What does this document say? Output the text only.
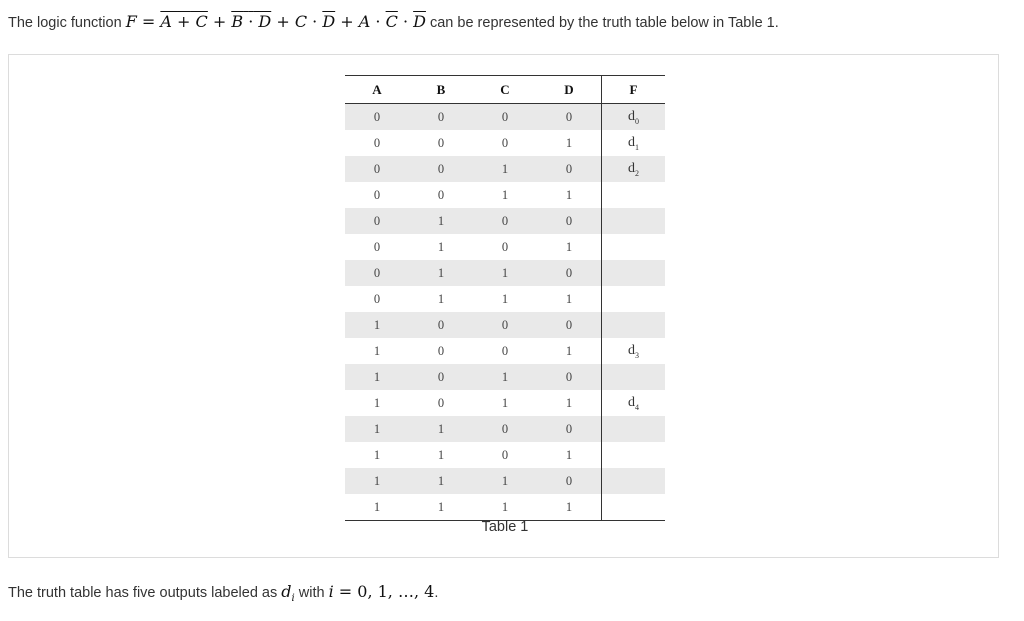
The logic function $F = A + C + B \cdot D + C \cdot \overline{D} + A \cdot \overline{C} \cdot \overline{D}$ can be represented by the truth table below in Table 1.
A	B	C	D	F
0	0	0	0	$d_0$
0	0	0	1	$d_1$
0	0	1	0	$d_2$
0	0	1	1	
0	1	0	0	
0	1	0	1	
0	1	1	0	
0	1	1	1	
1	0	0	0	
1	0	0	1	$d_3$
1	0	1	0	
1	0	1	1	$d_4$
1	1	0	0	
1	1	0	1	
1	1	1	0	
1	1	1	1	
Table 1
The truth table has five outputs labeled as $d_i$ with i = 0, 1, …, 4.
